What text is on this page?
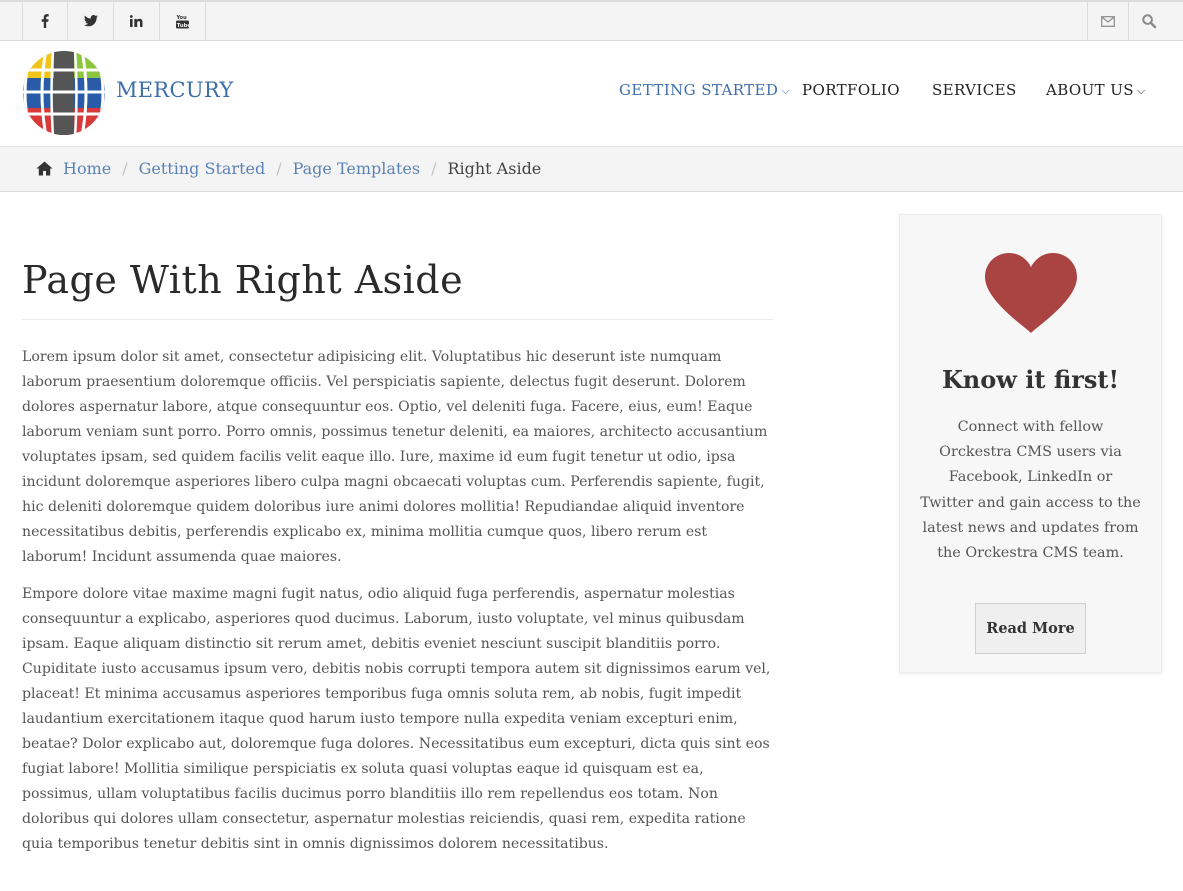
You
Tube
MERCURY	GETTING STARTED ⌵ PORTFOLIO SERVICES ABOUT US ⌵
Home / Getting Started / Page Templates / Right Aside
Page With Right Aside

Lorem ipsum dolor sit amet, consectetur adipisicing elit. Voluptatibus hic deserunt iste numquam laborum praesentium doloremque officiis. Vel perspiciatis sapiente, delectus fugit deserunt. Dolorem dolores aspernatur labore, atque consequuntur eos. Optio, vel deleniti fuga. Facere, eius, eum! Eaque laborum veniam sunt porro. Porro omnis, possimus tenetur deleniti, ea maiores, architecto accusantium voluptates ipsam, sed quidem facilis velit eaque illo. Iure, maxime id eum fugit tenetur ut odio, ipsa incidunt doloremque asperiores libero culpa magni obcaecati voluptas cum. Perferendis sapiente, fugit, hic deleniti doloremque quidem doloribus iure animi dolores mollitia! Repudiandae aliquid inventore necessitatibus debitis, perferendis explicabo ex, minima mollitia cumque quos, libero rerum est laborum! Incidunt assumenda quae maiores.

Empore dolore vitae maxime magni fugit natus, odio aliquid fuga perferendis, aspernatur molestias consequuntur a explicabo, asperiores quod ducimus. Laborum, iusto voluptate, vel minus quibusdam ipsam. Eaque aliquam distinctio sit rerum amet, debitis eveniet nesciunt suscipit blanditiis porro. Cupiditate iusto accusamus ipsum vero, debitis nobis corrupti tempora autem sit dignissimos earum vel, placeat! Et minima accusamus asperiores temporibus fuga omnis soluta rem, ab nobis, fugit impedit laudantium exercitationem itaque quod harum iusto tempore nulla expedita veniam excepturi enim, beatae? Dolor explicabo aut, doloremque fuga dolores. Necessitatibus eum excepturi, dicta quis sint eos fugiat labore! Mollitia similique perspiciatis ex soluta quasi voluptas eaque id quisquam est ea, possimus, ullam voluptatibus facilis ducimus porro blanditiis illo rem repellendus eos totam. Non doloribus qui dolores ullam consectetur, aspernatur molestias reiciendis, quasi rem, expedita ratione quia temporibus tenetur debitis sint in omnis dignissimos dolorem necessitatibus.

Know it first!
Connect with fellow Orckestra CMS users via Facebook, LinkedIn or Twitter and gain access to the latest news and updates from the Orckestra CMS team.
Read More
